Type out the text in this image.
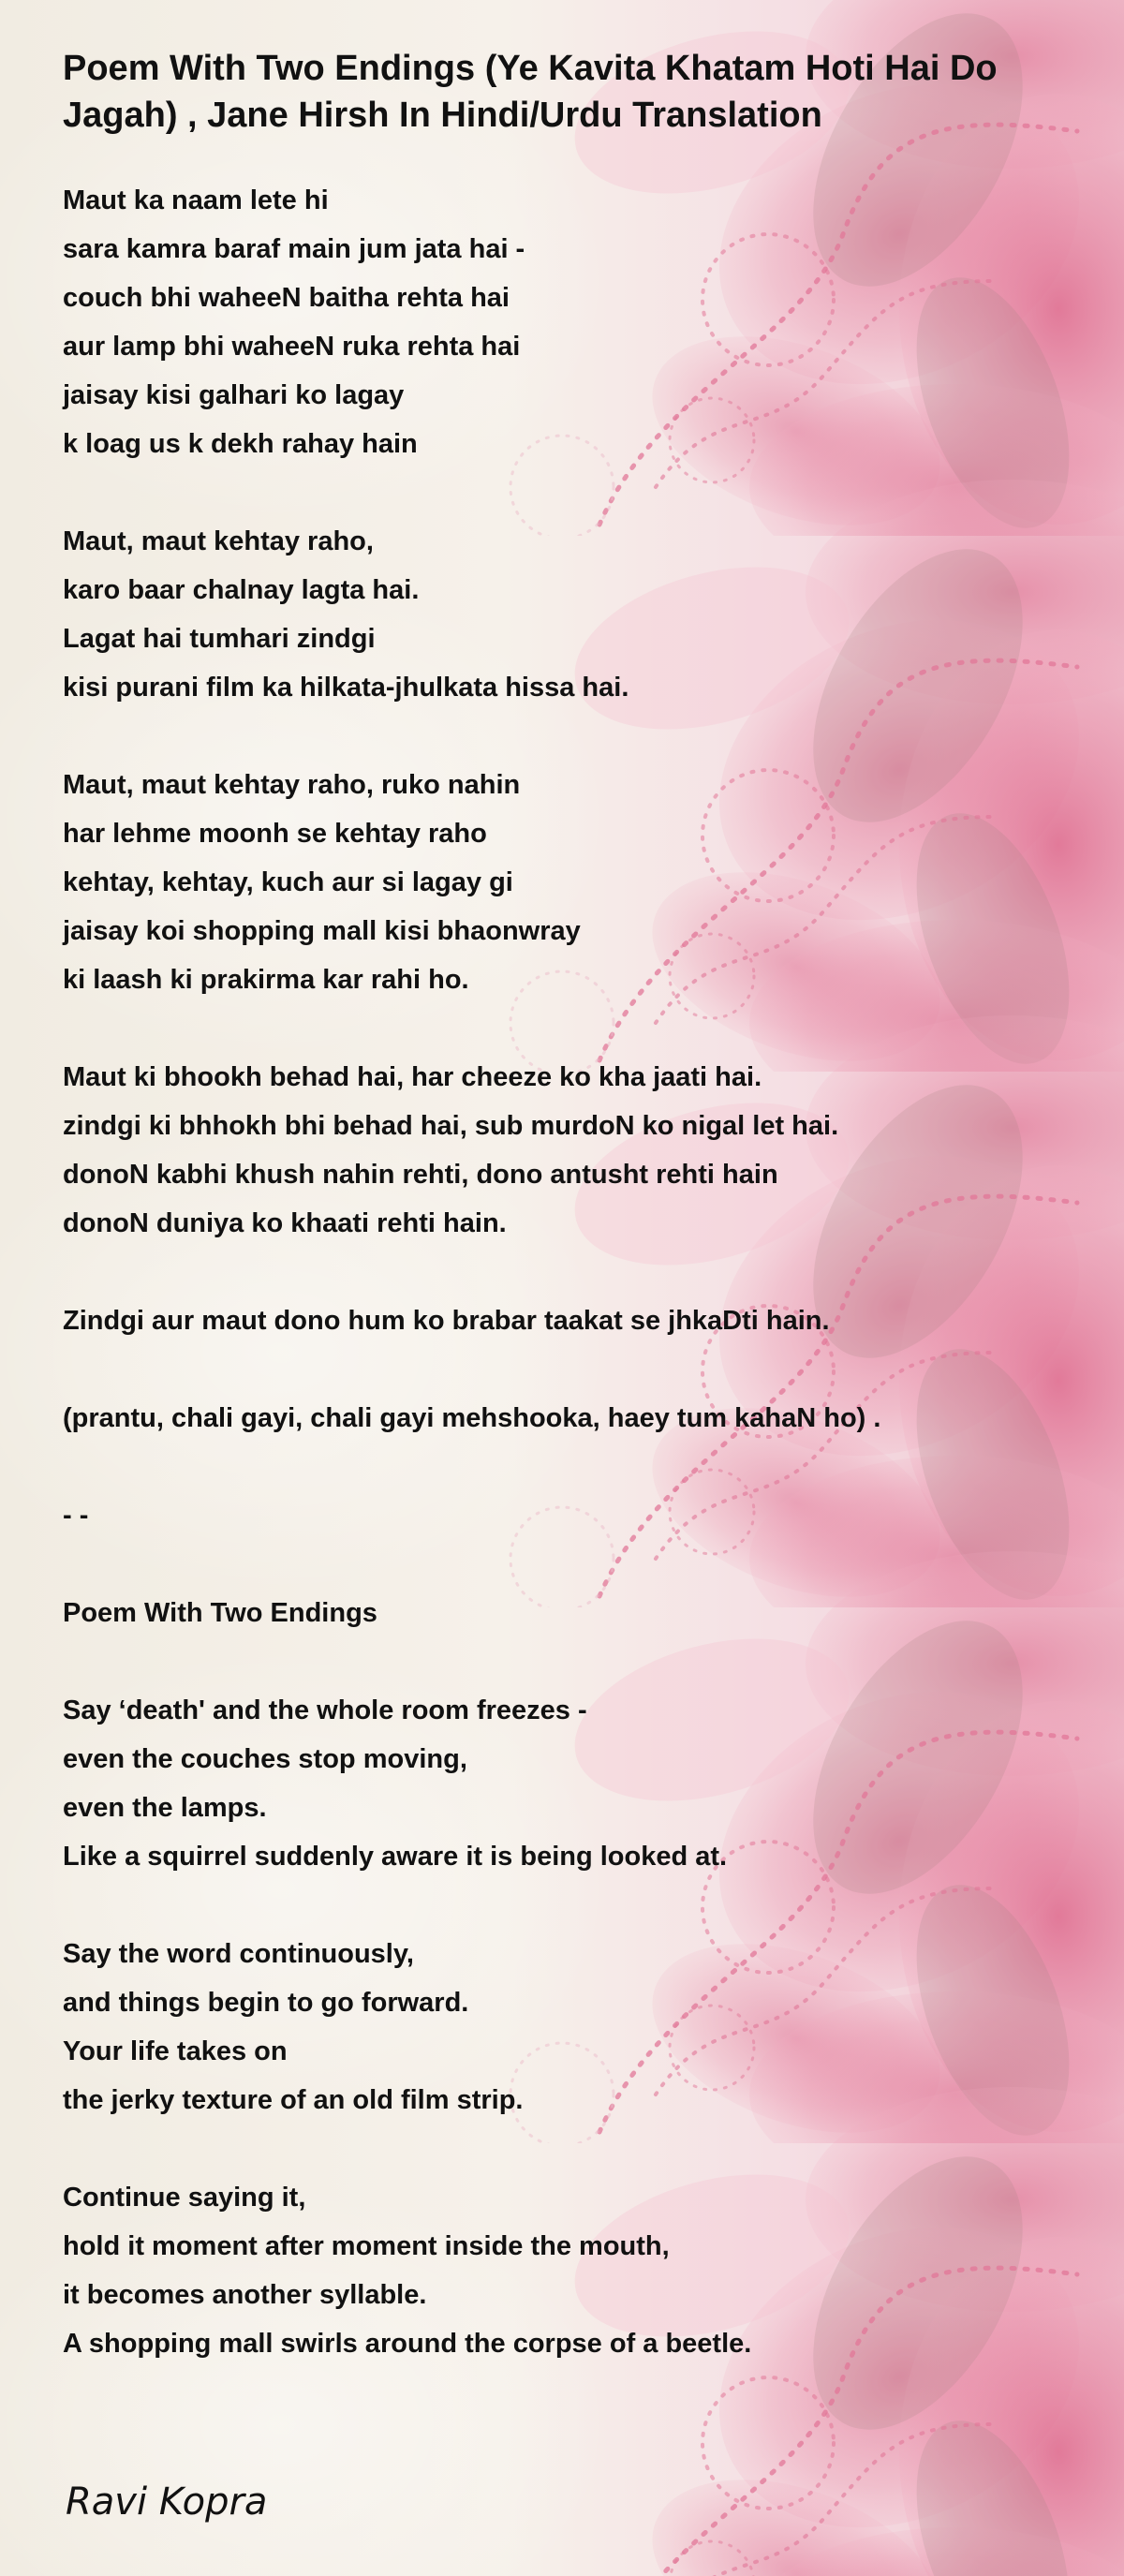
Poem With Two Endings (Ye Kavita Khatam Hoti Hai Do Jagah) , Jane Hirsh In Hindi/Urdu Translation
Maut ka naam lete hi
sara kamra baraf main jum jata hai -
couch bhi waheeN baitha rehta hai
aur lamp bhi waheeN ruka rehta hai
jaisay kisi galhari ko lagay
k loag us k dekh rahay hain
Maut, maut kehtay raho,
karo baar chalnay lagta hai.
Lagat hai tumhari zindgi
kisi purani film ka hilkata-jhulkata hissa hai.
Maut, maut kehtay raho, ruko nahin
har lehme moonh se kehtay raho
kehtay, kehtay, kuch aur si lagay gi
jaisay koi shopping mall kisi bhaonwray
ki laash ki prakirma kar rahi ho.
Maut ki bhookh behad hai, har cheeze ko kha jaati hai.
zindgi ki bhhokh bhi behad hai, sub murdoN ko nigal let hai.
donoN kabhi khush nahin rehti, dono antusht rehti hain
donoN duniya ko khaati rehti hain.
Zindgi aur maut dono hum ko brabar taakat se jhkaDti hain.
(prantu, chali gayi, chali gayi mehshooka, haey tum kahaN ho) .
- -
Poem With Two Endings
Say ‘death' and the whole room freezes -
even the couches stop moving,
even the lamps.
Like a squirrel suddenly aware it is being looked at.
Say the word continuously,
and things begin to go forward.
Your life takes on
the jerky texture of an old film strip.
Continue saying it,
hold it moment after moment inside the mouth,
it becomes another syllable.
A shopping mall swirls around the corpse of a beetle.
Ravi Kopra
